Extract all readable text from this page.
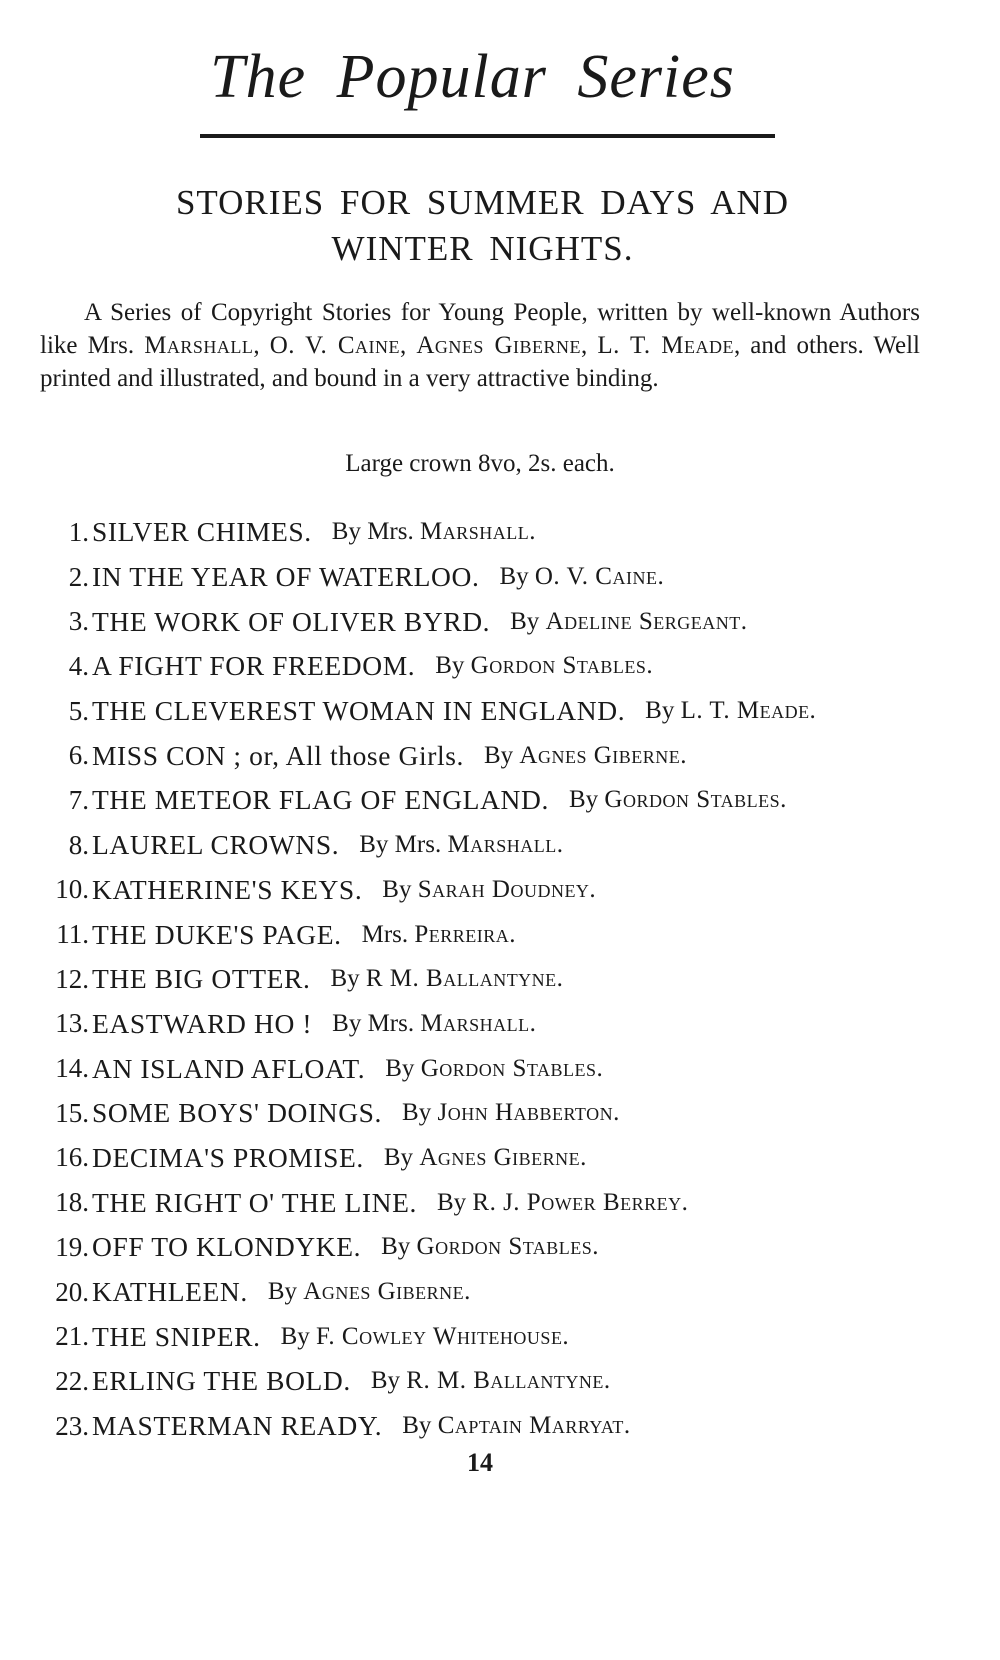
The Popular Series
STORIES FOR SUMMER DAYS AND
WINTER NIGHTS.

A Series of Copyright Stories for Young People, written by well-known Authors like Mrs. Marshall, O. V. Caine, Agnes Giberne, L. T. Meade, and others. Well printed and illustrated, and bound in a very attractive binding.

Large crown 8vo, 2s. each.

1. SILVER CHIMES. By Mrs. Marshall.
2. IN THE YEAR OF WATERLOO. By O. V. Caine.
3. THE WORK OF OLIVER BYRD. By Adeline Sergeant.
4. A FIGHT FOR FREEDOM. By Gordon Stables.
5. THE CLEVEREST WOMAN IN ENGLAND. By L. T. Meade.
6. MISS CON ; or, All those Girls. By Agnes Giberne.
7. THE METEOR FLAG OF ENGLAND. By Gordon Stables.
8. LAUREL CROWNS. By Mrs. Marshall.
10. KATHERINE'S KEYS. By Sarah Doudney.
11. THE DUKE'S PAGE. Mrs. Perreira.
12. THE BIG OTTER. By R M. Ballantyne.
13. EASTWARD HO ! By Mrs. Marshall.
14. AN ISLAND AFLOAT. By Gordon Stables.
15. SOME BOYS' DOINGS. By John Habberton.
16. DECIMA'S PROMISE. By Agnes Giberne.
18. THE RIGHT O' THE LINE. By R. J. Power Berrey.
19. OFF TO KLONDYKE. By Gordon Stables.
20. KATHLEEN. By Agnes Giberne.
21. THE SNIPER. By F. Cowley Whitehouse.
22. ERLING THE BOLD. By R. M. Ballantyne.
23. MASTERMAN READY. By Captain Marryat.

14
